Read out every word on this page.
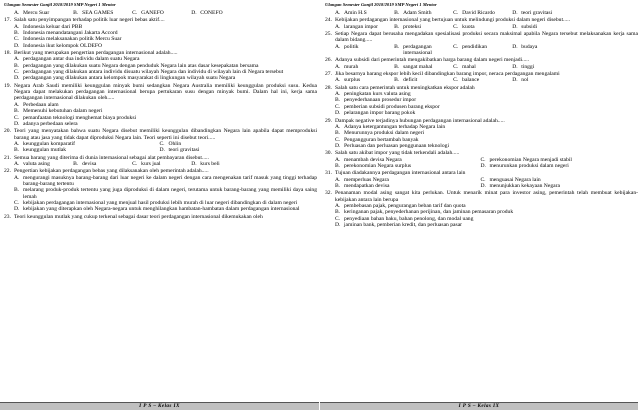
Ulangan Semester Ganjil 2018/2019 SMP Negeri 1 Mentor
A. Mercu Suar	B. SEA GAMES	C. GANEFO	D. CONEFO
17. Salah satu penyimpangan terhadap politik luar negeri bebas aktif....
A. Indonesia keluar dari PBB
B. Indonesia menandatangani Jakarta Accord
C. Indonesia melaksanakan politik Mercu Suar
D. Indonesia ikut kelompok OLDEFO
18. Berikut yang merupakan pengertian perdagangan internasional adalah.....
A. perdagangan antar dua individu dalam suatu Negara
B. perdagangan yang dilakukan suatu Negara dengan penduduk Negara lain atas dasar kesepakatan bersama
C. perdagangan yang dilakukan antara individu disuatu wilayah Negara dan individu di wilayah lain di Negara tersebut
D. perdagangan yang dilakukan antara kelompok masyarakat di lingkungan wilayah suatu Negara
19. Negara Arab Saudi memiliki keunggulan minyak bumi sedangkan Negara Australia memiliki keunggulan produksi susu. Kedua Negara dapat melakukan perdagangan internasional berupa pertukaran susu dengan minyak bumi. Dalam hal ini, kerja sama perdagangan internasional dilakukan oleh.....
A. Perbedaan alam
B. Memenuhi kebutuhan dalam negeri
C. pemanfaatan teknologi menghemat biaya produksi
D. adanya perbedaan selera
20. Teori yang menyatakan bahwa suatu Negara disebut memiliki keunggulan dibandingkan Negara lain apabila dapat memproduksi barang atau jasa yang tidak dapat diproduksi Negara lain. Teori seperti ini disebut teori.....
A. keunggulan komparatif	C. Ohlin
B. keunggulan mutlak	D. teori gravitasi
21. Semua barang yang diterima di dunia internasional sebagai alat pembayaran disebut.....
A. valuta asing	B. devisa	C. kurs jual	D. kurs beli
22. Pengertian kebijakan perdagangan bebas yang dilaksanakan oleh pemerintah adalah.....
A. mengurangi masuknya barang-barang dari luar negeri ke dalam negeri dengan cara mengenakan tarif masuk yang tinggi terhadap barang-barang tertentu
B. melarang produk-produk tertentu yang juga diproduksi di dalam negeri, terutama untuk barang-barang yang memiliki daya saing lemah
C. kebijakan perdagangan internasional yang menjual hasil produksi lebih murah di luar negeri dibandingkan di dalam negeri
D. kebijakan yang diterapkan oleh Negara-negara untuk menghilangkan hambatan-hambatan dalam perdagangan internasional
23. Teori keunggulan mutlak yang cukup terkenal sebagai dasar teori perdagangan internasional dikemukakan oleh
Ulangan Semester Ganjil 2018/2019 SMP Negeri 1 Mentor
A. Amin H.S	B. Adam Smith	C. David Ricardo	D. teori gravitasi
24. Kebijakan perdagangan internasional yang bertujuan untuk melindungi produksi dalam negeri disebut.....
A. larangan impor	B. proteksi	C. kuota	D. subsidi
25. Setiap Negara dapat berusaha mengadakan spesialisasi produksi secara maksimal apabila Negara tersebut melaksanakan kerja sama dalam bidang.....
A. politik	B. perdagangan internasional
C. pendidikan	D. budaya
26. Adanya subsidi dari pemerintah mengakibatkan harga barang dalam negeri menjadi.....
A. murah	B. sangat mahal	C. mahal	D. tinggi
27. Jika besarnya barang ekspor lebih kecil dibandingkan barang impor, neraca perdagangan mengalami
A. surplus	B. deficit	C. balance	D. nol
28. Salah satu cara pemerintah untuk meningkatkan ekspor adalah
A. peningkatan kurs valuta asing
B. penyederhanaan prosedur impor
C. pemberian subsidi produsen barang ekspor
D. pelarangan impor barang pokok
29. Dampak negative terjadinya hubungan perdagangan internasional adalah.....
A. Adanya ketergantungan terhadap Negara lain
B. Menurunnya produksi dalam negeri
C. Pengangguran bertambah banyak
D. Perluasan dan perluasan penggunaan teknologi
30. Salah satu akibat impor yang tidak terkendali adalah.....
A. menambah devisa Negara	C. perekonomian Negara menjadi stabil
B. perekonomian Negara surplus	D. menurunkan produksi dalam negeri
31. Tujuan diadakannya perdagangan internasional antara lain
A. memperluas Negara	C. menguasai Negara lain
B. mendapatkan devisa	D. menunjukkan kekayaan Negara
32. Penanaman modal asing sangat kita perlukan. Untuk menarik minat para investor asing, pemerintah telah membuat kebijakan-kebijakan antara lain berupa
A. pembebasan pajak, pengurangan beban tarif dan quota
B. keringanan pajak, penyederhanan perijinan, dan jaminan pemasaran produk
C. penyediaan bahan baku, bahan penolong, dan modal uang
D. jaminan bank, pemberian kredit, dan perluasan pasar
I P S – Kelas IX	I P S – Kelas IX
